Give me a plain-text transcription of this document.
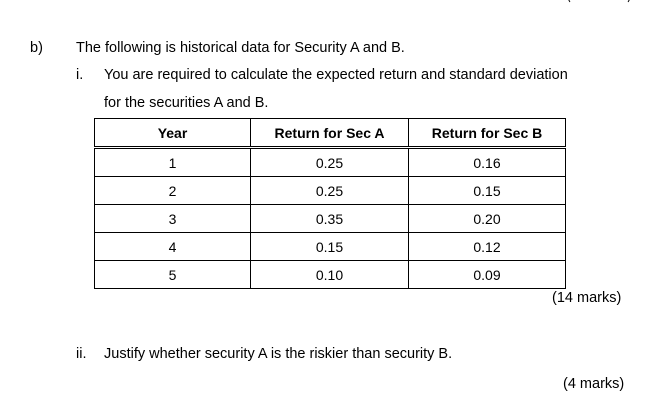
b) The following is historical data for Security A and B.
i. You are required to calculate the expected return and standard deviation
for the securities A and B.
Year	Return for Sec A	Return for Sec B
1	0.25	0.16
2	0.25	0.15
3	0.35	0.20
4	0.15	0.12
5	0.10	0.09
(14 marks)
ii. Justify whether security A is the riskier than security B.
(4 marks)
